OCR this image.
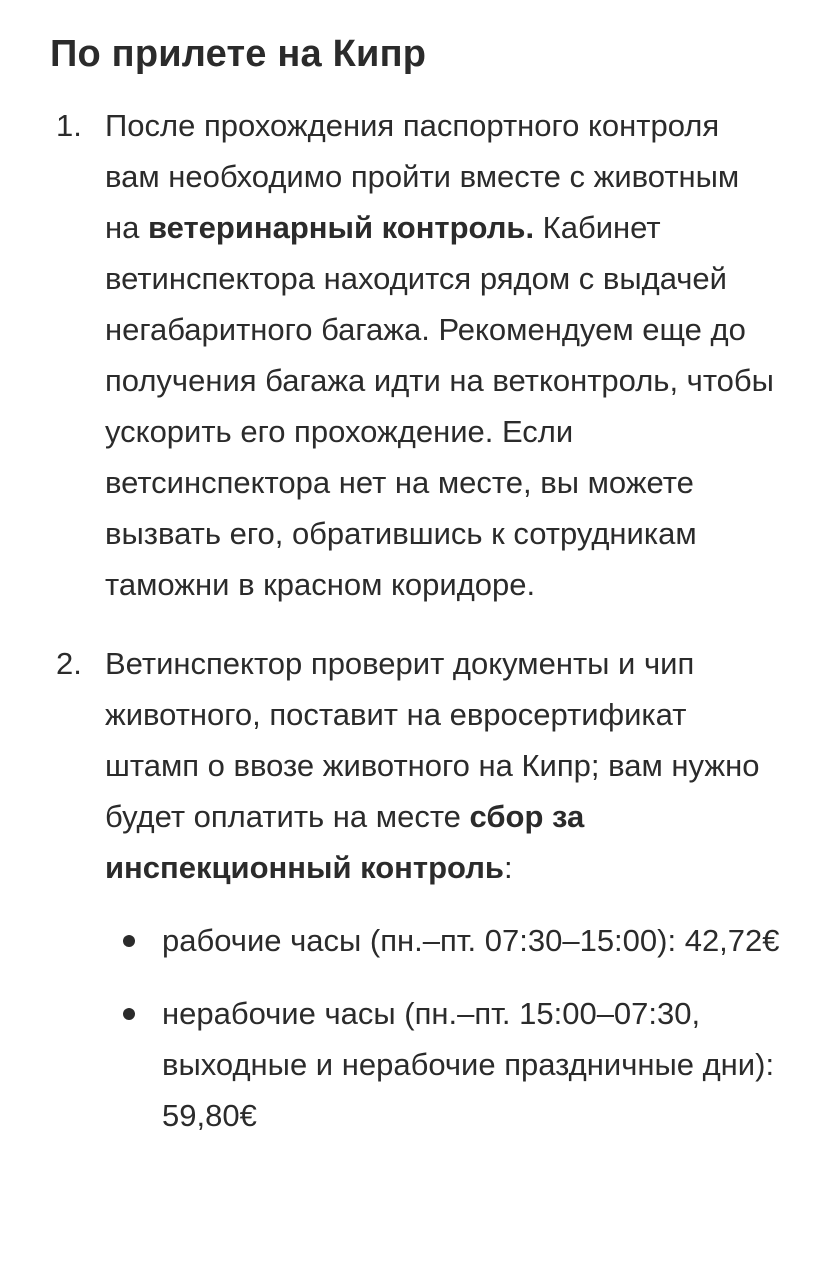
По прилете на Кипр
1. После прохождения паспортного контроля вам необходимо пройти вместе с животным на ветеринарный контроль. Кабинет ветинспектора находится рядом с выдачей негабаритного багажа. Рекомендуем еще до получения багажа идти на ветконтроль, чтобы ускорить его прохождение. Если ветсинспектора нет на месте, вы можете вызвать его, обратившись к сотрудникам таможни в красном коридоре.
2. Ветинспектор проверит документы и чип животного, поставит на евросертификат штамп о ввозе животного на Кипр; вам нужно будет оплатить на месте сбор за инспекционный контроль:
рабочие часы (пн.–пт. 07:30–15:00): 42,72€
нерабочие часы (пн.–пт. 15:00–07:30, выходные и нерабочие праздничные дни): 59,80€
